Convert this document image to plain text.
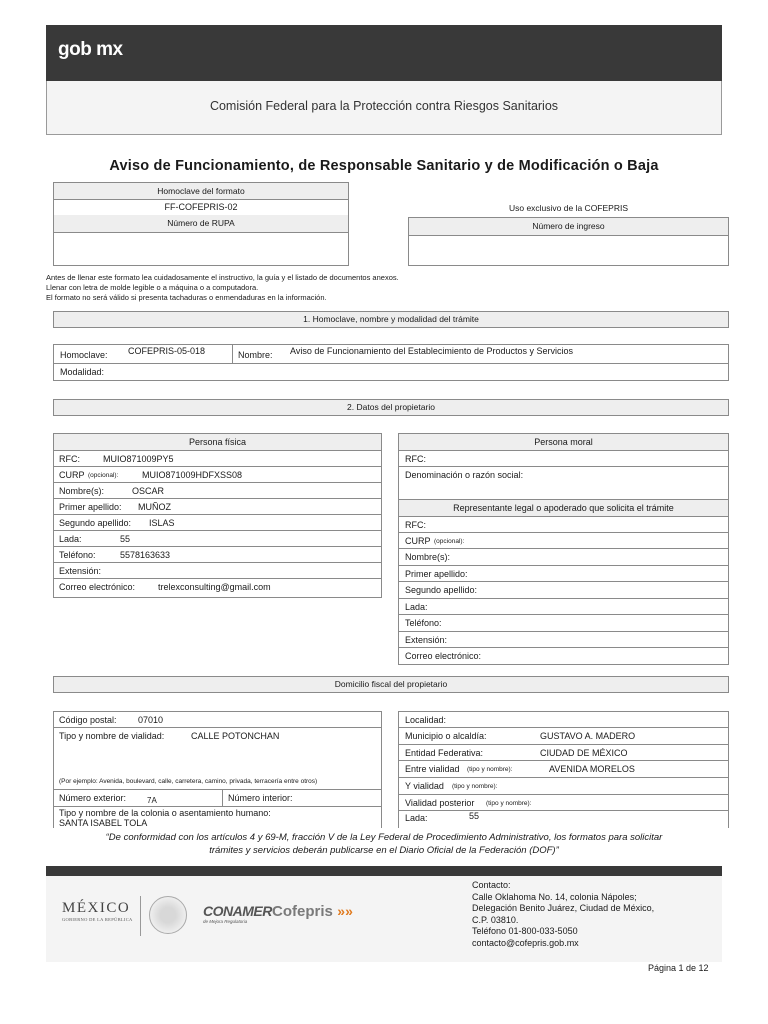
gob mx
Comisión Federal para la Protección contra Riesgos Sanitarios
Aviso de Funcionamiento, de Responsable Sanitario y de Modificación o Baja
Homoclave del formato
FF-COFEPRIS-02
Número de RUPA
Uso exclusivo de la COFEPRIS
Número de ingreso
Antes de llenar este formato lea cuidadosamente el instructivo, la guía y el listado de documentos anexos.
Llenar con letra de molde legible o a máquina o a computadora.
El formato no será válido si presenta tachaduras o enmendaduras en la información.
1. Homoclave, nombre y modalidad del trámite
Homoclave: COFEPRIS-05-018	Nombre: Aviso de Funcionamiento del Establecimiento de Productos y Servicios
Modalidad:
2. Datos del propietario
Persona física
RFC:	MUIO871009PY5
CURP (opcional):	MUIO871009HDFXSS08
Nombre(s):	OSCAR
Primer apellido: MUÑOZ
Segundo apellido: ISLAS
Lada:	55
Teléfono:	5578163633
Extensión:
Correo electrónico:	trelexconsulting@gmail.com
Persona moral
RFC:
Denominación o razón social:
Representante legal o apoderado que solicita el trámite
RFC:
CURP (opcional):
Nombre(s):
Primer apellido:
Segundo apellido:
Lada:
Teléfono:
Extensión:
Correo electrónico:
Domicilio fiscal del propietario
Código postal: 07010
Tipo y nombre de vialidad:	CALLE POTONCHAN
(Por ejemplo: Avenida, boulevard, calle, carretera, camino, privada, terracería entre otros)
Número exterior:	7A	Número interior:
Tipo y nombre de la colonia o asentamiento humano:
SANTA ISABEL TOLA
Localidad:
Municipio o alcaldía:	GUSTAVO A. MADERO
Entidad Federativa:	CIUDAD DE MÉXICO
Entre vialidad (tipo y nombre):	AVENIDA MORELOS
Y vialidad (tipo y nombre):
Vialidad posterior (tipo y nombre):
Lada:	55
“De conformidad con los artículos 4 y 69-M, fracción V de la Ley Federal de Procedimiento Administrativo, los formatos para solicitar
trámites y servicios deberán publicarse en el Diario Oficial de la Federación (DOF)”
MÉXICO
GOBIERNO DE LA REPÚBLICA
CONAMER
de Mejora Regulatoria
Cofepris »»
Contacto:
Calle Oklahoma No. 14, colonia Nápoles;
Delegación Benito Juárez, Ciudad de México,
C.P. 03810.
Teléfono 01-800-033-5050
contacto@cofepris.gob.mx
Página 1 de 12
